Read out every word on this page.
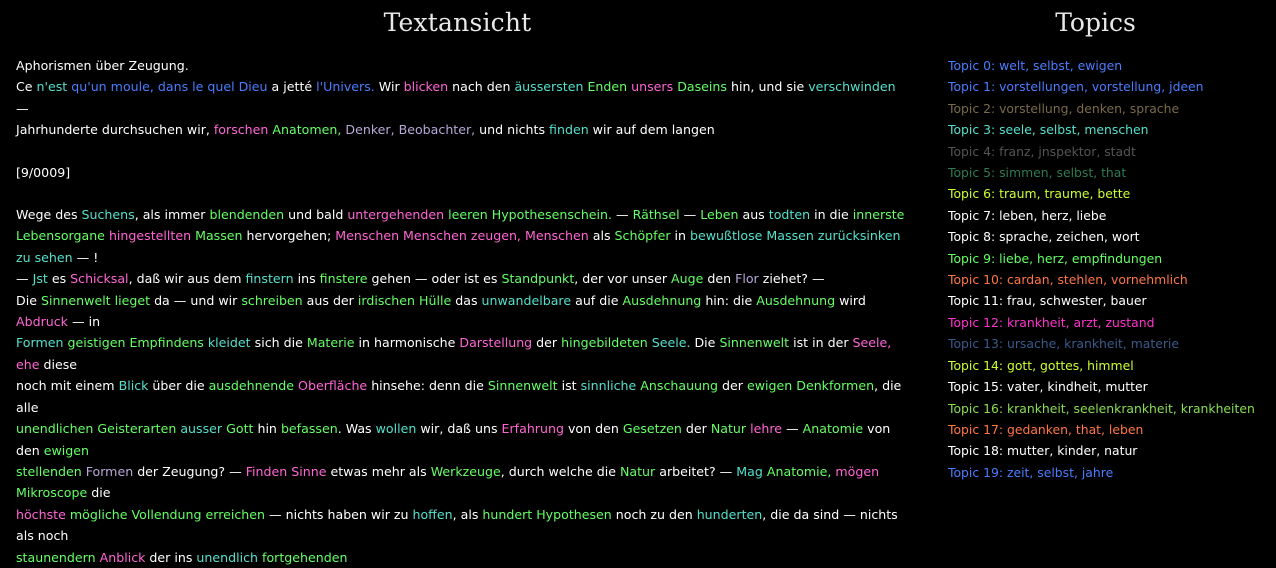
Textansicht
Aphorismen über Zeugung.
Ce n'est qu'un moule, dans le quel Dieu a jetté l'Univers. Wir blicken nach den äussersten Enden unsers Daseins hin, und sie verschwinden —
Jahrhunderte durchsuchen wir, forschen Anatomen, Denker, Beobachter, und nichts finden wir auf dem langen
[9/0009]
Wege des Suchens, als immer blendenden und bald untergehenden leeren Hypothesenschein. — Räthsel — Leben aus todten in die innerste
Lebensorgane hingestellten Massen hervorgehen; Menschen Menschen zeugen, Menschen als Schöpfer in bewußtlose Massen zurücksinken zu sehen — !
— Jst es Schicksal, daß wir aus dem finstern ins finstere gehen — oder ist es Standpunkt, der vor unser Auge den Flor ziehet? —
Die Sinnenwelt lieget da — und wir schreiben aus der irdischen Hülle das unwandelbare auf die Ausdehnung hin: die Ausdehnung wird Abdruck — in
Formen geistigen Empfindens kleidet sich die Materie in harmonische Darstellung der hingebildeten Seele. Die Sinnenwelt ist in der Seele, ehe diese
noch mit einem Blick über die ausdehnende Oberfläche hinsehe: denn die Sinnenwelt ist sinnliche Anschauung der ewigen Denkformen, die alle
unendlichen Geisterarten ausser Gott hin befassen. Was wollen wir, daß uns Erfahrung von den Gesetzen der Natur lehre — Anatomie von den ewigen
stellenden Formen der Zeugung? — Finden Sinne etwas mehr als Werkzeuge, durch welche die Natur arbeitet? — Mag Anatomie, mögen Mikroscope die
höchste mögliche Vollendung erreichen — nichts haben wir zu hoffen, als hundert Hypothesen noch zu den hunderten, die da sind — nichts als noch
staunendern Anblick der ins unendlich fortgehenden
Topics
Topic 0: welt, selbst, ewigen
Topic 1: vorstellungen, vorstellung, jdeen
Topic 2: vorstellung, denken, sprache
Topic 3: seele, selbst, menschen
Topic 4: franz, jnspektor, stadt
Topic 5: simmen, selbst, that
Topic 6: traum, traume, bette
Topic 7: leben, herz, liebe
Topic 8: sprache, zeichen, wort
Topic 9: liebe, herz, empfindungen
Topic 10: cardan, stehlen, vornehmlich
Topic 11: frau, schwester, bauer
Topic 12: krankheit, arzt, zustand
Topic 13: ursache, krankheit, materie
Topic 14: gott, gottes, himmel
Topic 15: vater, kindheit, mutter
Topic 16: krankheit, seelenkrankheit, krankheiten
Topic 17: gedanken, that, leben
Topic 18: mutter, kinder, natur
Topic 19: zeit, selbst, jahre
